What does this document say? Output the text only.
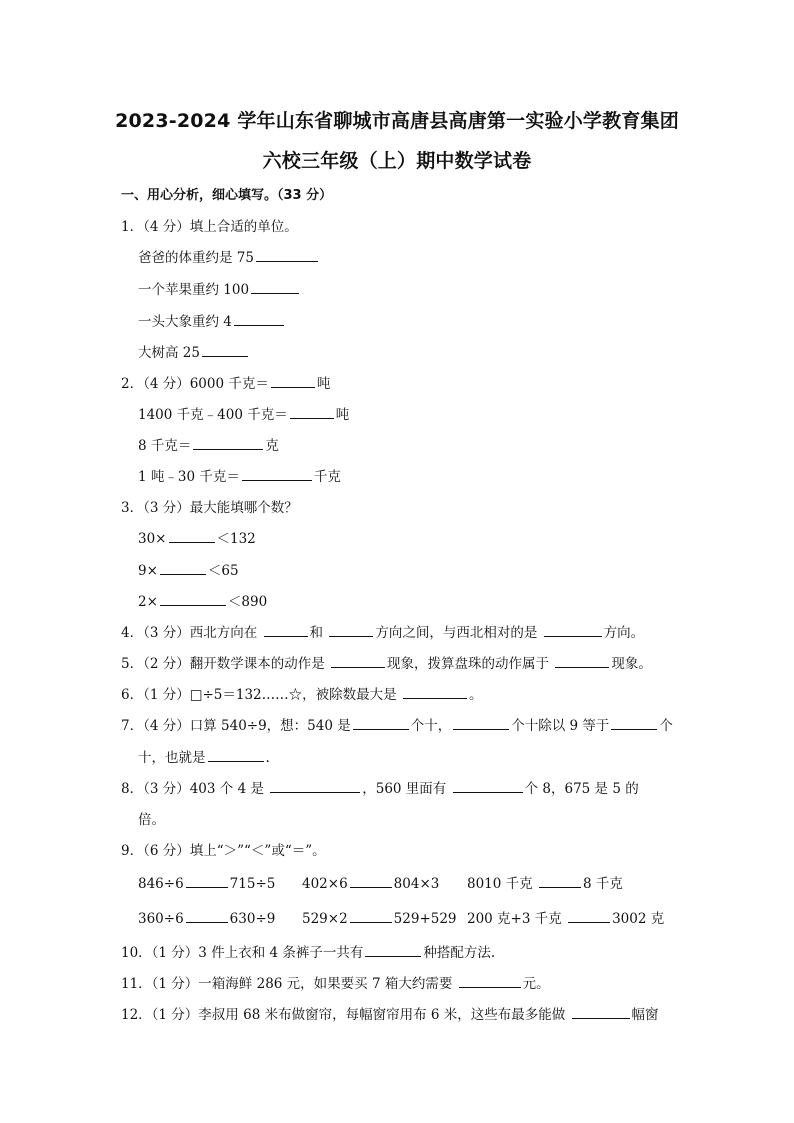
2023-2024 学年山东省聊城市高唐县高唐第一实验小学教育集团
六校三年级（上）期中数学试卷
一、用心分析，细心填写。（33 分）
1．（4 分）填上合适的单位。
爸爸的体重约是 75
一个苹果重约 100
一头大象重约 4
大树高 25
2．（4 分）6000 千克＝	吨
1400 千克﹣400 千克＝	吨
8 千克＝	克
1 吨﹣30 千克＝	千克
3．（3 分）最大能填哪个数？
30×	＜132
9×	＜65
2×	＜890
4．（3 分）西北方向在	和	方向之间，与西北相对的是	方向。
5．（2 分）翻开数学课本的动作是	现象，拨算盘珠的动作属于	现象。
6．（1 分）□÷5＝132……☆，被除数最大是	。
7．（4 分）口算 540÷9，想：540 是	个十，	个十除以 9 等于	个
十，也就是	.
8．（3 分）403 个 4 是	，560 里面有	个 8，675 是 5 的
倍。
9．（6 分）填上“＞”“＜”或“＝”。
846÷6	715÷5 402×6	804×3 8010 千克	8 千克
360÷6	630÷9 529×2	529+529 200 克+3 千克	3002 克
10．（1 分）3 件上衣和 4 条裤子一共有	种搭配方法.
11．（1 分）一箱海鲜 286 元，如果要买 7 箱大约需要	元。
12．（1 分）李叔用 68 米布做窗帘，每幅窗帘用布 6 米，这些布最多能做	幅窗
